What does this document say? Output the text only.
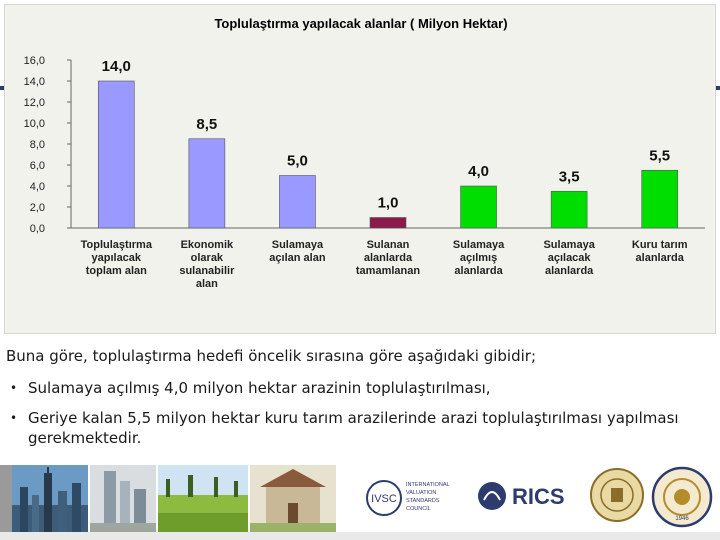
Toplulaştırma yapılacak alanlar ( Milyon Hektar)
0,0
2,0
4,0
6,0
8,0
10,0
12,0
14,0
16,0	14,0
8,5
5,0
1,0
4,0	3,5
5,5
Toplulaştırma yapılacak toplam alan
Ekonomik olarak sulanabilir alan
Sulamaya açılan alan
Sulanan alanlarda tamamlanan
Sulamaya açılmış alanlarda
Sulamaya açılacak alanlarda
Kuru tarım alanlarda
Buna göre, toplulaştırma hedefi öncelik sırasına göre aşağıdaki gibidir;
• Sulamaya açılmış 4,0 milyon hektar arazinin toplulaştırılması,
• Geriye kalan 5,5 milyon hektar kuru tarım arazilerinde arazi toplulaştırılması yapılması gerekmektedir.
IVSC
INTERNATIONAL
VALUATION
STANDARDS
COUNCIL	RICS
1946
